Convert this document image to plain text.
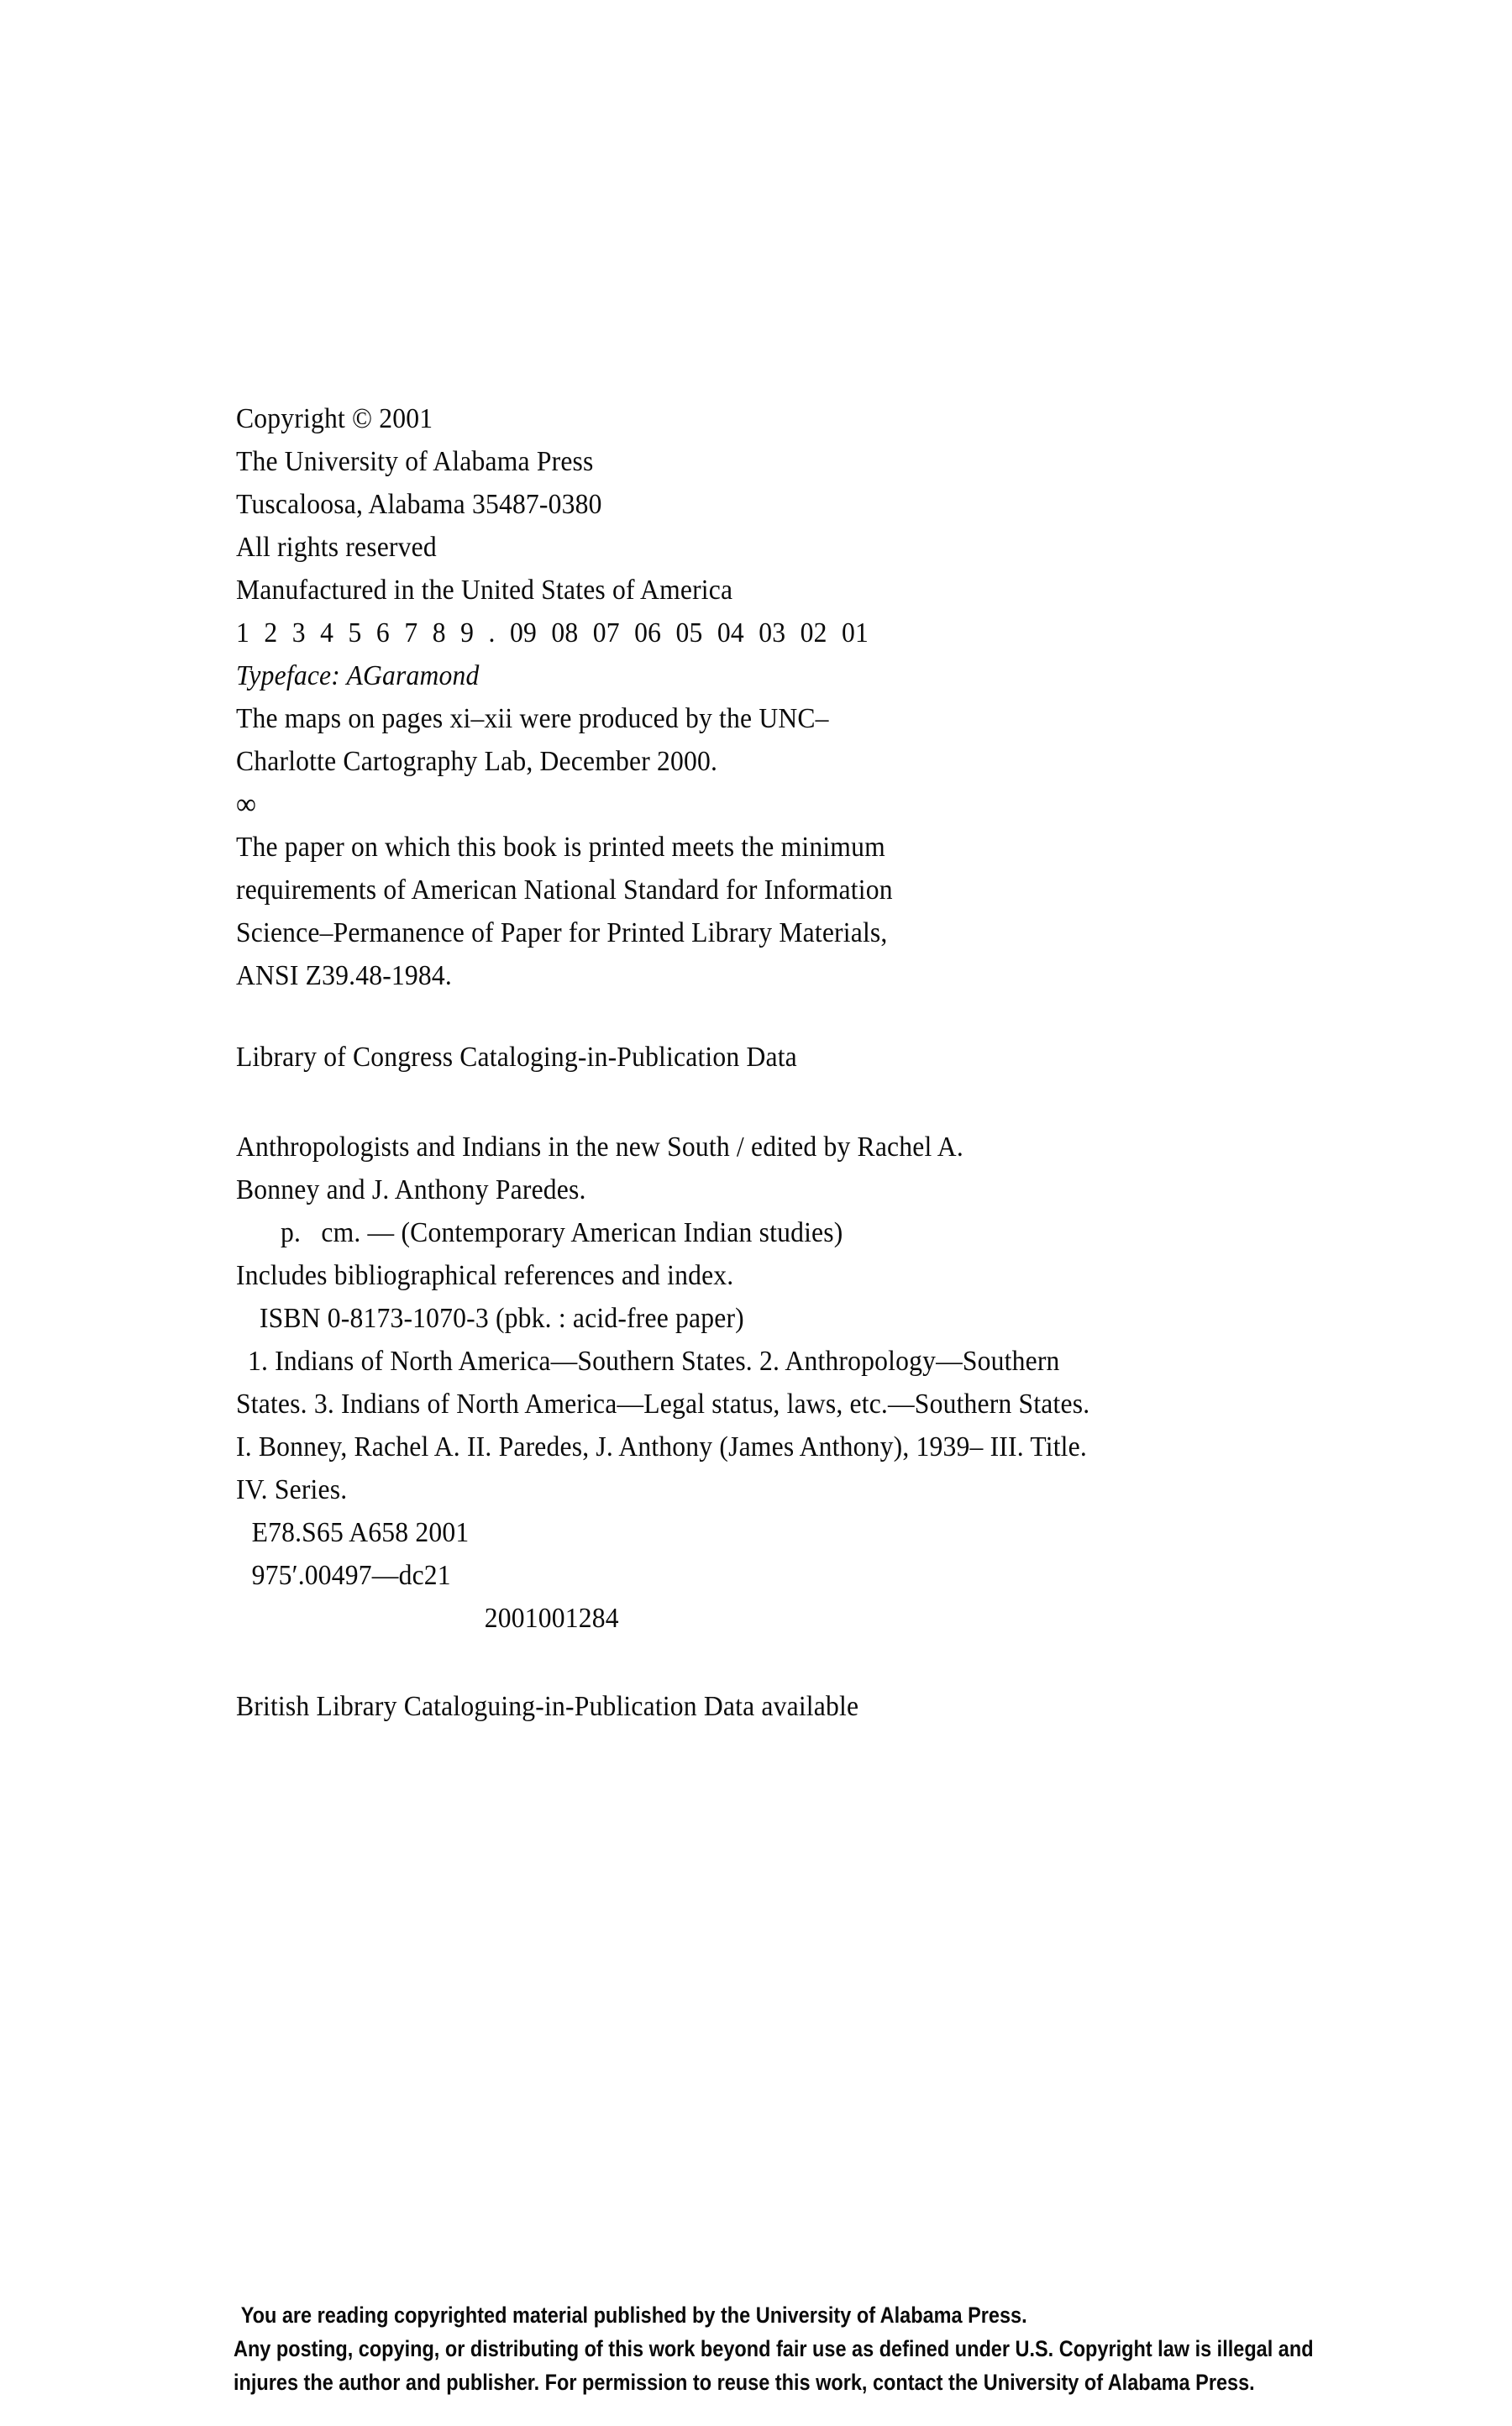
Copyright © 2001

The University of Alabama Press

Tuscaloosa, Alabama 35487-0380

All rights reserved

Manufactured in the United States of America

1 2 3 4 5 6 7 8 9 . 09 08 07 06 05 04 03 02 01

Typeface: AGaramond

The maps on pages xi–xii were produced by the UNC–

Charlotte Cartography Lab, December 2000.

∞

The paper on which this book is printed meets the minimum

requirements of American National Standard for Information

Science–Permanence of Paper for Printed Library Materials,

ANSI Z39.48-1984.

Library of Congress Cataloging-in-Publication Data

Anthropologists and Indians in the new South / edited by Rachel A.

Bonney and J. Anthony Paredes.

p.   cm. — (Contemporary American Indian studies)

Includes bibliographical references and index.

ISBN 0-8173-1070-3 (pbk. : acid-free paper)

1. Indians of North America—Southern States. 2. Anthropology—Southern

States. 3. Indians of North America—Legal status, laws, etc.—Southern States.

I. Bonney, Rachel A. II. Paredes, J. Anthony (James Anthony), 1939– III. Title.

IV. Series.

E78.S65 A658 2001

975′.00497—dc21

2001001284

British Library Cataloguing-in-Publication Data available

You are reading copyrighted material published by the University of Alabama Press.

Any posting, copying, or distributing of this work beyond fair use as defined under U.S. Copyright law is illegal and

injures the author and publisher. For permission to reuse this work, contact the University of Alabama Press.
